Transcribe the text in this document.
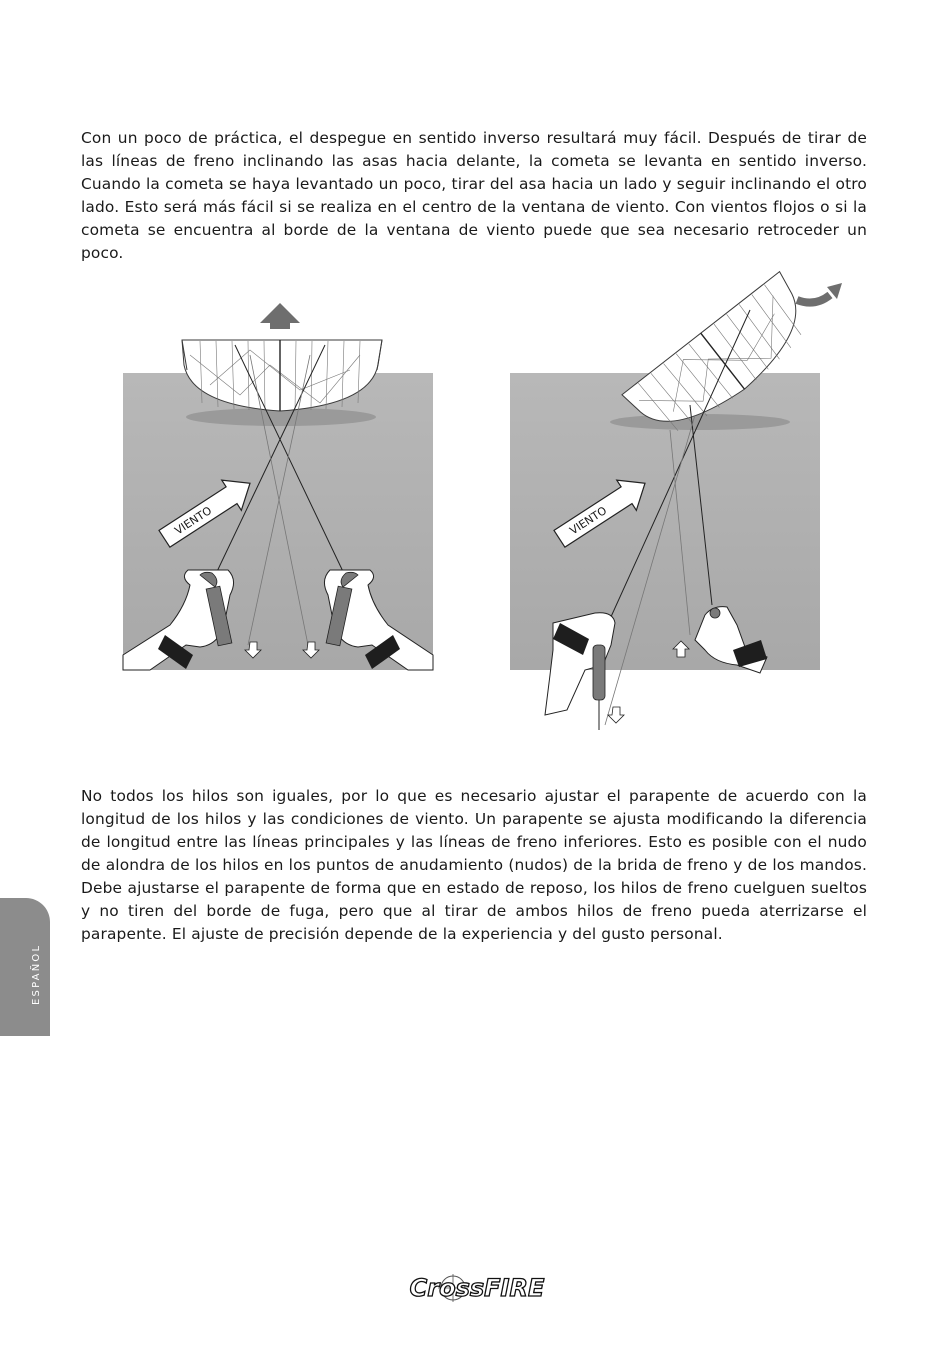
Con un poco de práctica, el despegue en sentido inverso resultará muy fácil. Después de tirar de las líneas de freno inclinando las asas hacia delante, la cometa se levanta en sentido inverso. Cuando la cometa se haya levantado un poco, tirar del asa hacia un lado y seguir inclinando el otro lado. Esto será más fácil si se realiza en el centro de la ventana de viento. Con vientos flojos o si la cometa se encuentra al borde de la ventana de viento puede que sea necesario retroceder un poco.

VIENTO	VIENTO

No todos los hilos son iguales, por lo que es necesario ajustar el parapente de acuerdo con la longitud de los hilos y las condiciones de viento. Un parapente se ajusta modificando la diferencia de longitud entre las líneas principales y las líneas de freno inferiores. Esto es posible con el nudo de alondra de los hilos en los puntos de anudamiento (nudos) de la brida de freno y de los mandos. Debe ajustarse el parapente de forma que en estado de reposo, los hilos de freno cuelguen sueltos y no tiren del borde de fuga, pero que al tirar de ambos hilos de freno pueda aterrizarse el parapente. El ajuste de precisión depende de la experiencia y del gusto personal.

ESPAÑOL
CrossFIRE
